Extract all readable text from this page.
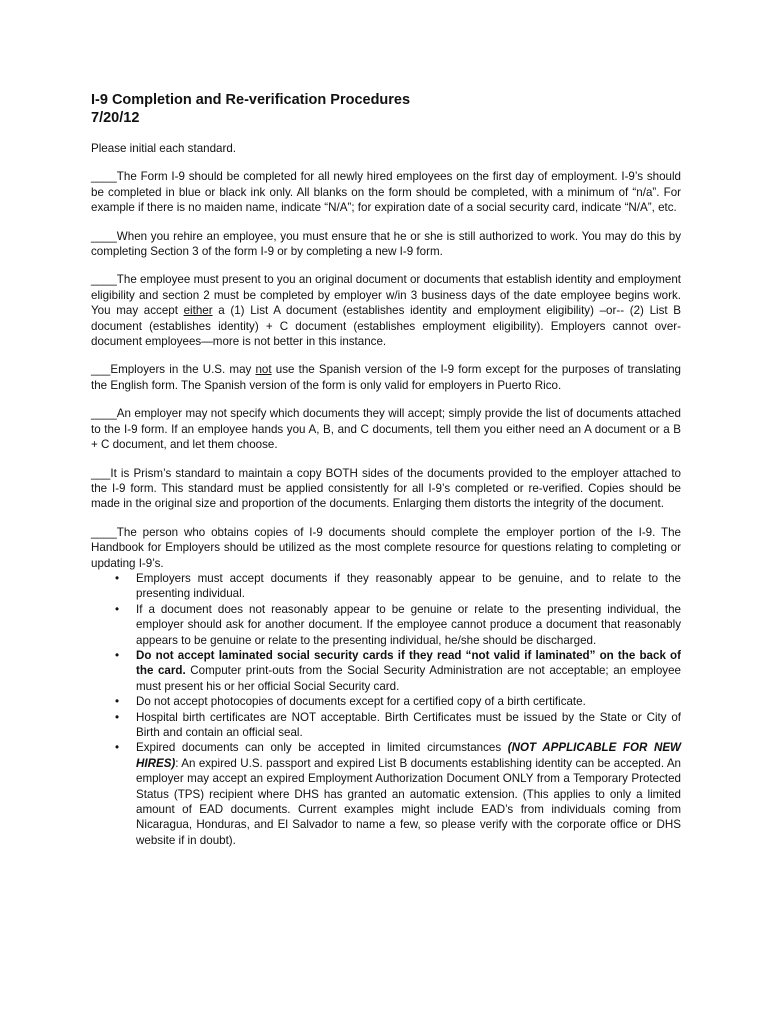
I-9 Completion and Re-verification Procedures
7/20/12

Please initial each standard.

____The Form I-9 should be completed for all newly hired employees on the first day of employment. I-9’s should be completed in blue or black ink only. All blanks on the form should be completed, with a minimum of “n/a”. For example if there is no maiden name, indicate “N/A”; for expiration date of a social security card, indicate “N/A”, etc.

____When you rehire an employee, you must ensure that he or she is still authorized to work. You may do this by completing Section 3 of the form I-9 or by completing a new I-9 form.

____The employee must present to you an original document or documents that establish identity and employment eligibility and section 2 must be completed by employer w/in 3 business days of the date employee begins work. You may accept either a (1) List A document (establishes identity and employment eligibility) –or-- (2) List B document (establishes identity) + C document (establishes employment eligibility). Employers cannot over-document employees—more is not better in this instance.

___Employers in the U.S. may not use the Spanish version of the I-9 form except for the purposes of translating the English form. The Spanish version of the form is only valid for employers in Puerto Rico.

____An employer may not specify which documents they will accept; simply provide the list of documents attached to the I-9 form. If an employee hands you A, B, and C documents, tell them you either need an A document or a B + C document, and let them choose.

___It is Prism’s standard to maintain a copy BOTH sides of the documents provided to the employer attached to the I-9 form. This standard must be applied consistently for all I-9’s completed or re-verified. Copies should be made in the original size and proportion of the documents. Enlarging them distorts the integrity of the document.

____The person who obtains copies of I-9 documents should complete the employer portion of the I-9. The Handbook for Employers should be utilized as the most complete resource for questions relating to completing or updating I-9’s.

• Employers must accept documents if they reasonably appear to be genuine, and to relate to the presenting individual.
• If a document does not reasonably appear to be genuine or relate to the presenting individual, the employer should ask for another document. If the employee cannot produce a document that reasonably appears to be genuine or relate to the presenting individual, he/she should be discharged.
• Do not accept laminated social security cards if they read “not valid if laminated” on the back of the card. Computer print-outs from the Social Security Administration are not acceptable; an employee must present his or her official Social Security card.
• Do not accept photocopies of documents except for a certified copy of a birth certificate.
• Hospital birth certificates are NOT acceptable. Birth Certificates must be issued by the State or City of Birth and contain an official seal.
• Expired documents can only be accepted in limited circumstances (NOT APPLICABLE FOR NEW HIRES): An expired U.S. passport and expired List B documents establishing identity can be accepted. An employer may accept an expired Employment Authorization Document ONLY from a Temporary Protected Status (TPS) recipient where DHS has granted an automatic extension. (This applies to only a limited amount of EAD documents. Current examples might include EAD’s from individuals coming from Nicaragua, Honduras, and El Salvador to name a few, so please verify with the corporate office or DHS website if in doubt).
